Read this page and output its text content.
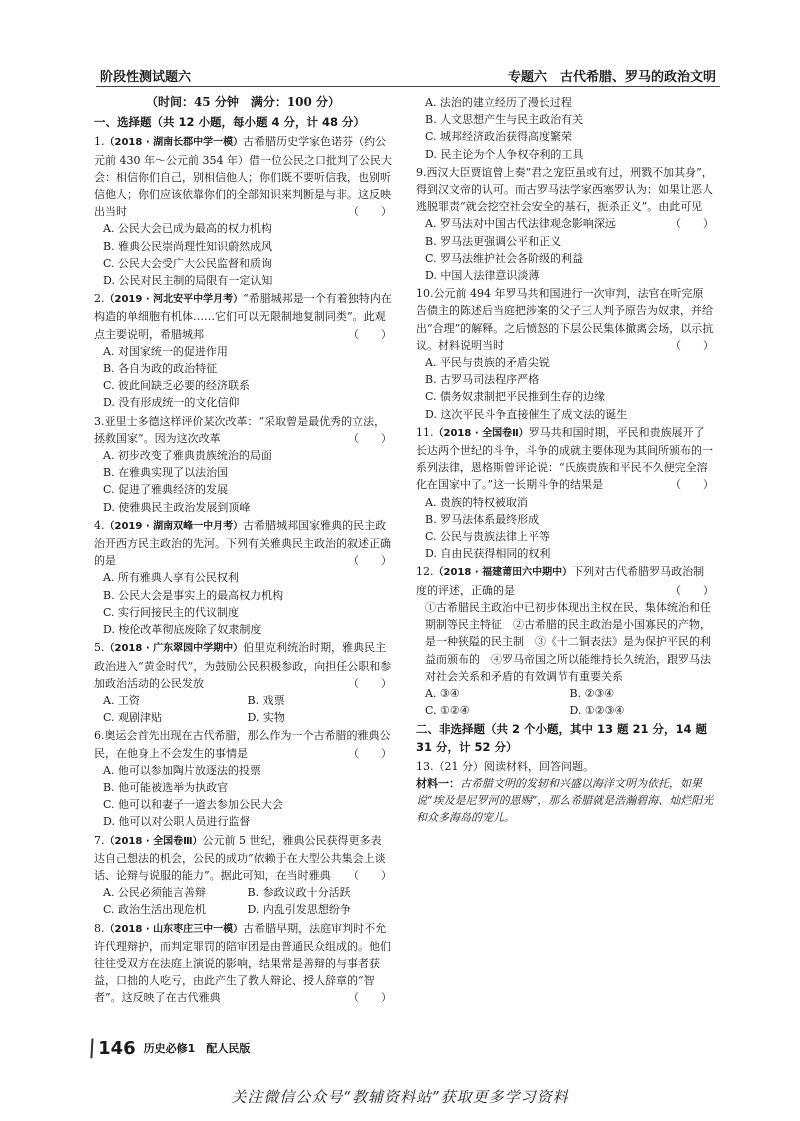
阶段性测试题六	专题六　古代希腊、罗马的政治文明
（时间：45 分钟　满分：100 分）
一、选择题（共 12 小题，每小题 4 分，计 48 分）

1.（2018 · 湖南长郡中学一模）古希腊历史学家色诺芬（约公元前 430 年～公元前 354 年）借一位公民之口批判了公民大会：相信你们自己，别相信他人；你们既不要听信我，也别听信他人；你们应该依靠你们的全部知识来判断是与非。这反映出当时	（　　）

A. 公民大会已成为最高的权力机构
B. 雅典公民崇尚理性知识蔚然成风
C. 公民大会受广大公民监督和质询
D. 公民对民主制的局限有一定认知

2.（2019 · 河北安平中学月考）“希腊城邦是一个有着独特内在构造的单细胞有机体……它们可以无限制地复制同类”。此观点主要说明，希腊城邦	（　　）

A. 对国家统一的促进作用
B. 各自为政的政治特征
C. 彼此间缺乏必要的经济联系
D. 没有形成统一的文化信仰

3.亚里士多德这样评价某次改革：“采取曾是最优秀的立法，拯救国家”。因为这次改革	（　　）

A. 初步改变了雅典贵族统治的局面
B. 在雅典实现了以法治国
C. 促进了雅典经济的发展
D. 使雅典民主政治发展到顶峰

4.（2019 · 湖南双峰一中月考）古希腊城邦国家雅典的民主政治开西方民主政治的先河。下列有关雅典民主政治的叙述正确的是	（　　）

A. 所有雅典人享有公民权利
B. 公民大会是事实上的最高权力机构
C. 实行间接民主的代议制度
D. 梭伦改革彻底废除了奴隶制度

5.（2018 · 广东翠园中学期中）伯里克利统治时期，雅典民主政治进入“黄金时代”，为鼓励公民积极参政，向担任公职和参加政治活动的公民发放	（　　）

A. 工资	B. 戏票
C. 观剧津贴	D. 实物

6.奥运会首先出现在古代希腊，那么作为一个古希腊的雅典公民，在他身上不会发生的事情是	（　　）

A. 他可以参加陶片放逐法的投票
B. 他可能被选举为执政官
C. 他可以和妻子一道去参加公民大会
D. 他可以对公职人员进行监督

7.（2018 · 全国卷Ⅲ）公元前 5 世纪，雅典公民获得更多表达自己想法的机会，公民的成功“依赖于在大型公共集会上谈话、论辩与说服的能力”。据此可知，在当时雅典 （　　）

A. 公民必须能言善辩	B. 参政议政十分活跃
C. 政治生活出现危机	D. 内乱引发思想纷争

8.（2018 · 山东枣庄三中一模）古希腊早期，法庭审判时不允许代理辩护，而判定罪罚的陪审团是由普通民众组成的。他们往往受双方在法庭上演说的影响，结果常是善辩的与事者获益，口拙的人吃亏，由此产生了教人辩论、授人辞章的“智者”。这反映了在古代雅典	（　　）

A. 法治的建立经历了漫长过程
B. 人文思想产生与民主政治有关
C. 城邦经济政治获得高度繁荣
D. 民主论为个人争权夺利的工具

9.西汉大臣贾谊曾上奏“君之宠臣虽或有过，刑戮不加其身”，得到汉文帝的认可。而古罗马法学家西塞罗认为：如果让恶人逃脱罪责“就会挖空社会安全的基石，扼杀正义”。由此可见
（　　）

A. 罗马法对中国古代法律观念影响深远
B. 罗马法更强调公平和正义
C. 罗马法维护社会各阶级的利益
D. 中国人法律意识淡薄

10.公元前 494 年罗马共和国进行一次审判，法官在听完原告债主的陈述后当庭把涉案的父子三人判予原告为奴隶，并给出“合理”的解释。之后愤怒的下层公民集体撤离会场，以示抗议。材料说明当时	（　　）

A. 平民与贵族的矛盾尖锐
B. 古罗马司法程序严格
C. 债务奴隶制把平民推到生存的边缘
D. 这次平民斗争直接催生了成文法的诞生

11.（2018 · 全国卷Ⅱ）罗马共和国时期，平民和贵族展开了长达两个世纪的斗争，斗争的成就主要体现为其间所颁布的一系列法律，恩格斯曾评论说：“氏族贵族和平民不久便完全溶化在国家中了。”这一长期斗争的结果是	（　　）

A. 贵族的特权被取消
B. 罗马法体系最终形成
C. 公民与贵族法律上平等
D. 自由民获得相同的权利

12.（2018 · 福建莆田六中期中）下列对古代希腊罗马政治制度的评述，正确的是	（　　）

①古希腊民主政治中已初步体现出主权在民、集体统治和任期制等民主特征　②古希腊的民主政治是小国寡民的产物，是一种狭隘的民主制　③《十二铜表法》是为保护平民的利益而颁布的　④罗马帝国之所以能维持长久统治，跟罗马法对社会关系和矛盾的有效调节有重要关系

A. ③④	B. ②③④
C. ①②④	D. ①②③④
二、非选择题（共 2 个小题，其中 13 题 21 分，14 题 31 分，计 52 分）

13.（21 分）阅读材料，回答问题。

材料一：古希腊文明的发轫和兴盛以海洋文明为依托，如果说“埃及是尼罗河的恩赐”，那么希腊就是浩瀚碧海、灿烂阳光和众多海岛的宠儿。

\
146 历史必修1　配人民版
关注微信公众号“教辅资料站”获取更多学习资料
